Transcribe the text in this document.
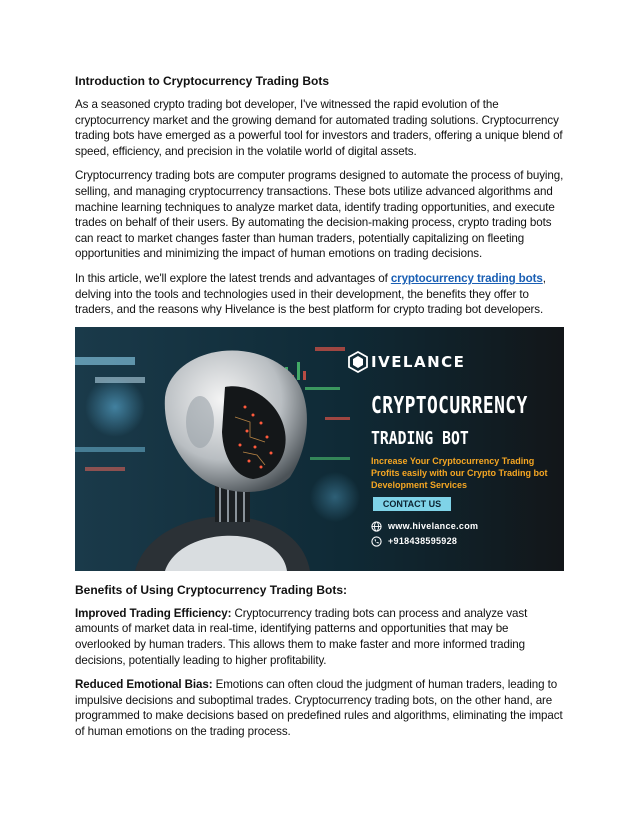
Introduction to Cryptocurrency Trading Bots

As a seasoned crypto trading bot developer, I've witnessed the rapid evolution of the cryptocurrency market and the growing demand for automated trading solutions. Cryptocurrency trading bots have emerged as a powerful tool for investors and traders, offering a unique blend of speed, efficiency, and precision in the volatile world of digital assets.

Cryptocurrency trading bots are computer programs designed to automate the process of buying, selling, and managing cryptocurrency transactions. These bots utilize advanced algorithms and machine learning techniques to analyze market data, identify trading opportunities, and execute trades on behalf of their users. By automating the decision-making process, crypto trading bots can react to market changes faster than human traders, potentially capitalizing on fleeting opportunities and minimizing the impact of human emotions on trading decisions.

In this article, we'll explore the latest trends and advantages of cryptocurrency trading bots, delving into the tools and technologies used in their development, the benefits they offer to traders, and the reasons why Hivelance is the best platform for crypto trading bot developers.

IVELANCE
CRYPTOCURRENCY
TRADING BOT
Increase Your Cryptocurrency Trading Profits easily with our Crypto Trading bot Development Services
CONTACT US
www.hivelance.com
+918438595928
Benefits of Using Cryptocurrency Trading Bots:

Improved Trading Efficiency: Cryptocurrency trading bots can process and analyze vast amounts of market data in real-time, identifying patterns and opportunities that may be overlooked by human traders. This allows them to make faster and more informed trading decisions, potentially leading to higher profitability.

Reduced Emotional Bias: Emotions can often cloud the judgment of human traders, leading to impulsive decisions and suboptimal trades. Cryptocurrency trading bots, on the other hand, are programmed to make decisions based on predefined rules and algorithms, eliminating the impact of human emotions on the trading process.
